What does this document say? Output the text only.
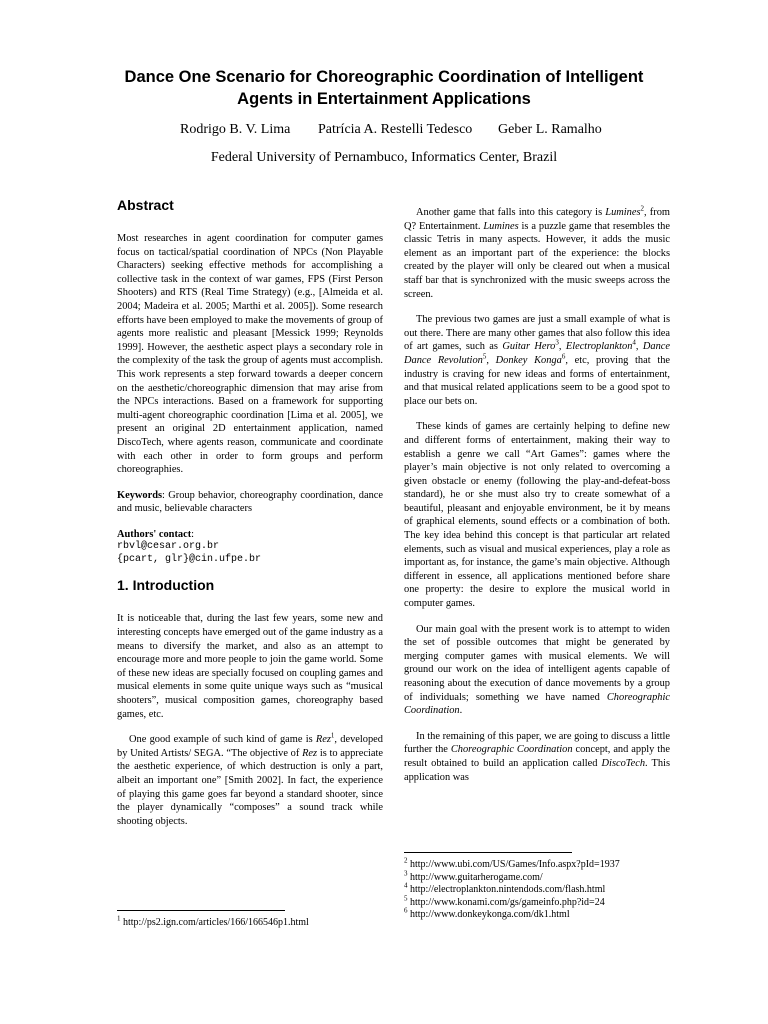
Dance One Scenario for Choreographic Coordination of Intelligent Agents in Entertainment Applications
Rodrigo B. V. Lima Patrícia A. Restelli Tedesco Geber L. Ramalho
Federal University of Pernambuco, Informatics Center, Brazil
Abstract

Most researches in agent coordination for computer games focus on tactical/spatial coordination of NPCs (Non Playable Characters) seeking effective methods for accomplishing a collective task in the context of war games, FPS (First Person Shooters) and RTS (Real Time Strategy) (e.g., [Almeida et al. 2004; Madeira et al. 2005; Marthi et al. 2005]). Some research efforts have been employed to make the movements of group of agents more realistic and pleasant [Messick 1999; Reynolds 1999]. However, the aesthetic aspect plays a secondary role in the complexity of the task the group of agents must accomplish. This work represents a step forward towards a deeper concern on the aesthetic/choreographic dimension that may arise from the NPCs interactions. Based on a framework for supporting multi-agent choreographic coordination [Lima et al. 2005], we present an original 2D entertainment application, named DiscoTech, where agents reason, communicate and coordinate with each other in order to form groups and perform choreographies.

Keywords: Group behavior, choreography coordination, dance and music, believable characters

Authors' contact:
rbvl@cesar.org.br
{pcart, glr}@cin.ufpe.br

1. Introduction

It is noticeable that, during the last few years, some new and interesting concepts have emerged out of the game industry as a means to diversify the market, and also as an attempt to encourage more and more people to join the game world. Some of these new ideas are specially focused on coupling games and musical elements in some quite unique ways such as “musical shooters”, musical composition games, choreography based games, etc.

One good example of such kind of game is Rez$^1$, developed by United Artists/ SEGA. “The objective of Rez is to appreciate the aesthetic experience, of which destruction is only a part, albeit an important one” [Smith 2002]. In fact, the experience of playing this game goes far beyond a standard shooter, since the player dynamically “composes” a sound track while shooting objects.

$^1$ http://ps2.ign.com/articles/166/166546p1.html

Another game that falls into this category is Lumines$^2$, from Q? Entertainment. Lumines is a puzzle game that resembles the classic Tetris in many aspects. However, it adds the music element as an important part of the experience: the blocks created by the player will only be cleared out when a musical staff bar that is synchronized with the music sweeps across the screen.

The previous two games are just a small example of what is out there. There are many other games that also follow this idea of art games, such as Guitar Hero$^3$, Electroplankton$^4$, Dance Dance Revolution$^5$, Donkey Konga$^6$, etc, proving that the industry is craving for new ideas and forms of entertainment, and that musical related applications seem to be a good spot to place our bets on.

These kinds of games are certainly helping to define new and different forms of entertainment, making their way to establish a genre we call “Art Games”: games where the player’s main objective is not only related to overcoming a given obstacle or enemy (following the play-and-defeat-boss standard), he or she must also try to create somewhat of a beautiful, pleasant and enjoyable environment, be it by means of graphical elements, sound effects or a combination of both. The key idea behind this concept is that particular art related elements, such as visual and musical experiences, play a role as important as, for instance, the game’s main objective. Although different in essence, all applications mentioned before share one property: the desire to explore the musical world in computer games.

Our main goal with the present work is to attempt to widen the set of possible outcomes that might be generated by merging computer games with musical elements. We will ground our work on the idea of intelligent agents capable of reasoning about the execution of dance movements by a group of individuals; something we have named Choreographic Coordination.

In the remaining of this paper, we are going to discuss a little further the Choreographic Coordination concept, and apply the result obtained to build an application called DiscoTech. This application was

$^2$ http://www.ubi.com/US/Games/Info.aspx?pId=1937

$^3$ http://www.guitarherogame.com/

$^4$ http://electroplankton.nintendods.com/flash.html

$^5$ http://www.konami.com/gs/gameinfo.php?id=24

$^6$ http://www.donkeykonga.com/dk1.html
